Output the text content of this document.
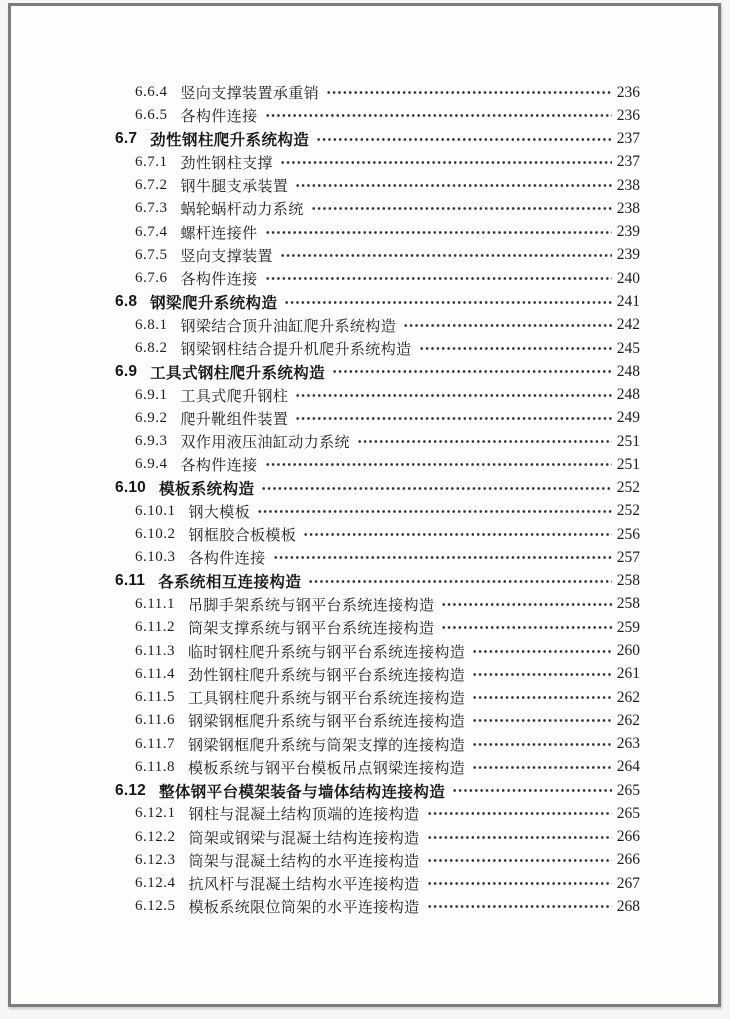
6.6.4 竖向支撑装置承重销	236
6.6.5 各构件连接	236
6.7 劲性钢柱爬升系统构造	237
6.7.1 劲性钢柱支撑	237
6.7.2 钢牛腿支承装置	238
6.7.3 蜗轮蜗杆动力系统	238
6.7.4 螺杆连接件	239
6.7.5 竖向支撑装置	239
6.7.6 各构件连接	240
6.8 钢梁爬升系统构造	241
6.8.1 钢梁结合顶升油缸爬升系统构造	242
6.8.2 钢梁钢柱结合提升机爬升系统构造	245
6.9 工具式钢柱爬升系统构造	248
6.9.1 工具式爬升钢柱	248
6.9.2 爬升靴组件装置	249
6.9.3 双作用液压油缸动力系统	251
6.9.4 各构件连接	251
6.10 模板系统构造	252
6.10.1 钢大模板	252
6.10.2 钢框胶合板模板	256
6.10.3 各构件连接	257
6.11 各系统相互连接构造	258
6.11.1 吊脚手架系统与钢平台系统连接构造	258
6.11.2 筒架支撑系统与钢平台系统连接构造	259
6.11.3 临时钢柱爬升系统与钢平台系统连接构造	260
6.11.4 劲性钢柱爬升系统与钢平台系统连接构造	261
6.11.5 工具钢柱爬升系统与钢平台系统连接构造	262
6.11.6 钢梁钢框爬升系统与钢平台系统连接构造	262
6.11.7 钢梁钢框爬升系统与筒架支撑的连接构造	263
6.11.8 模板系统与钢平台模板吊点钢梁连接构造	264
6.12 整体钢平台模架装备与墙体结构连接构造	265
6.12.1 钢柱与混凝土结构顶端的连接构造	265
6.12.2 筒架或钢梁与混凝土结构连接构造	266
6.12.3 筒架与混凝土结构的水平连接构造	266
6.12.4 抗风杆与混凝土结构水平连接构造	267
6.12.5 模板系统限位筒架的水平连接构造	268
